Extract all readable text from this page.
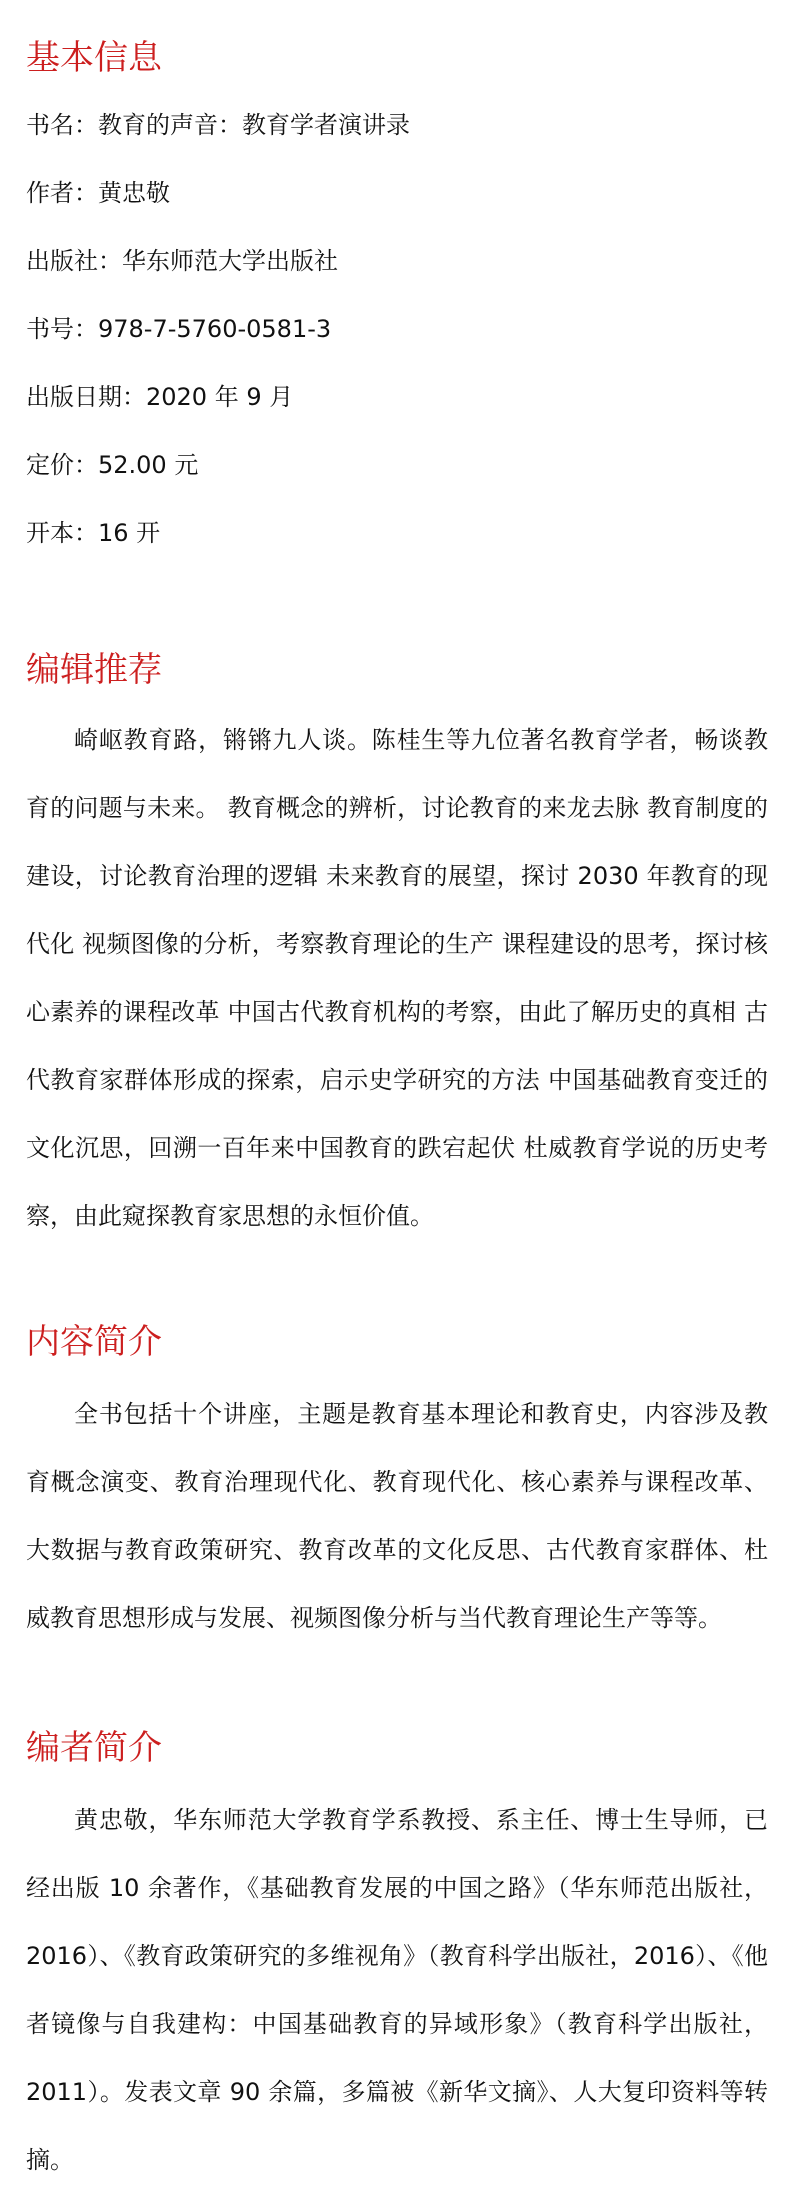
基本信息
书名：教育的声音：教育学者演讲录
作者：黄忠敬
出版社：华东师范大学出版社
书号：978-7-5760-0581-3
出版日期：2020 年 9 月
定价：52.00 元
开本：16 开
编辑推荐

崎岖教育路，锵锵九人谈。陈桂生等九位著名教育学者，畅谈教育的问题与未来。 教育概念的辨析，讨论教育的来龙去脉 教育制度的建设，讨论教育治理的逻辑 未来教育的展望，探讨 2030 年教育的现代化 视频图像的分析，考察教育理论的生产 课程建设的思考，探讨核心素养的课程改革 中国古代教育机构的考察，由此了解历史的真相 古代教育家群体形成的探索，启示史学研究的方法 中国基础教育变迁的文化沉思，回溯一百年来中国教育的跌宕起伏 杜威教育学说的历史考察，由此窥探教育家思想的永恒价值。

内容简介

全书包括十个讲座，主题是教育基本理论和教育史，内容涉及教育概念演变、教育治理现代化、教育现代化、核心素养与课程改革、大数据与教育政策研究、教育改革的文化反思、古代教育家群体、杜威教育思想形成与发展、视频图像分析与当代教育理论生产等等。

编者简介

黄忠敬，华东师范大学教育学系教授、系主任、博士生导师，已经出版 10 余著作，《基础教育发展的中国之路》（华东师范出版社，2016）、《教育政策研究的多维视角》（教育科学出版社，2016）、《他者镜像与自我建构：中国基础教育的异域形象》（教育科学出版社，2011）。发表文章 90 余篇，多篇被《新华文摘》、人大复印资料等转摘。
